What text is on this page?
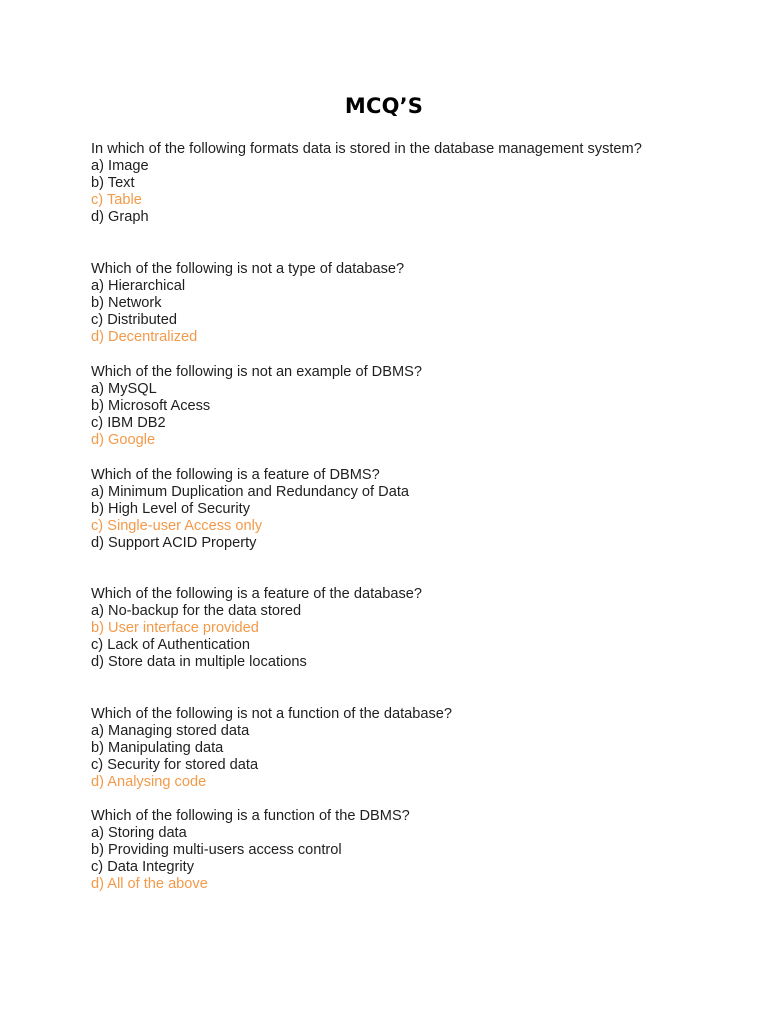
MCQ’S
In which of the following formats data is stored in the database management system?
a) Image
b) Text
c) Table
d) Graph
Which of the following is not a type of database?
a) Hierarchical
b) Network
c) Distributed
d) Decentralized
Which of the following is not an example of DBMS?
a) MySQL
b) Microsoft Acess
c) IBM DB2
d) Google
Which of the following is a feature of DBMS?
a) Minimum Duplication and Redundancy of Data
b) High Level of Security
c) Single-user Access only
d) Support ACID Property
Which of the following is a feature of the database?
a) No-backup for the data stored
b) User interface provided
c) Lack of Authentication
d) Store data in multiple locations
Which of the following is not a function of the database?
a) Managing stored data
b) Manipulating data
c) Security for stored data
d) Analysing code
Which of the following is a function of the DBMS?
a) Storing data
b) Providing multi-users access control
c) Data Integrity
d) All of the above
